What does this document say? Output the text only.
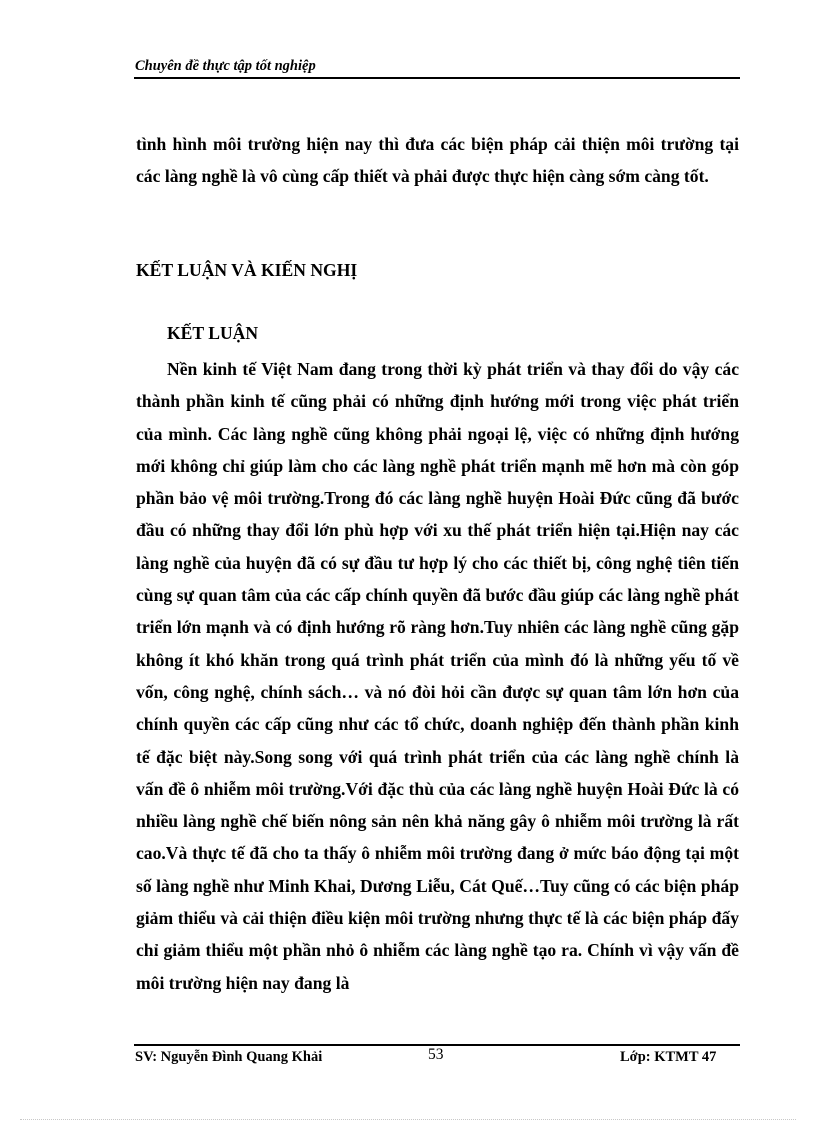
Chuyên đề thực tập tốt nghiệp

tình hình môi trường hiện nay thì đưa các biện pháp cải thiện môi trường tại các làng nghề là vô cùng cấp thiết và phải được thực hiện càng sớm càng tốt.

KẾT LUẬN VÀ KIẾN NGHỊ
KẾT LUẬN

Nền kinh tế Việt Nam đang trong thời kỳ phát triển và thay đổi do vậy các thành phần kinh tế cũng phải có những định hướng mới trong việc phát triển của mình. Các làng nghề cũng không phải ngoại lệ, việc có những định hướng mới không chỉ giúp làm cho các làng nghề phát triển mạnh mẽ hơn mà còn góp phần bảo vệ môi trường.Trong đó các làng nghề huyện Hoài Đức cũng đã bước đầu có những thay đổi lớn phù hợp với xu thế phát triển hiện tại.Hiện nay các làng nghề của huyện đã có sự đầu tư hợp lý cho các thiết bị, công nghệ tiên tiến cùng sự quan tâm của các cấp chính quyền đã bước đầu giúp các làng nghề phát triển lớn mạnh và có định hướng rõ ràng hơn.Tuy nhiên các làng nghề cũng gặp không ít khó khăn trong quá trình phát triển của mình đó là những yếu tố về vốn, công nghệ, chính sách… và nó đòi hỏi cần được sự quan tâm lớn hơn của chính quyền các cấp cũng như các tổ chức, doanh nghiệp đến thành phần kinh tế đặc biệt này.Song song với quá trình phát triển của các làng nghề chính là vấn đề ô nhiễm môi trường.Với đặc thù của các làng nghề huyện Hoài Đức là có nhiều làng nghề chế biến nông sản nên khả năng gây ô nhiễm môi trường là rất cao.Và thực tế đã cho ta thấy ô nhiễm môi trường đang ở mức báo động tại một số làng nghề như Minh Khai, Dương Liễu, Cát Quế…Tuy cũng có các biện pháp giảm thiểu và cải thiện điều kiện môi trường nhưng thực tế là các biện pháp đấy chỉ giảm thiểu một phần nhỏ ô nhiễm các làng nghề tạo ra. Chính vì vậy vấn đề môi trường hiện nay đang là

SV: Nguyễn Đình Quang Khải	53	Lớp: KTMT 47
